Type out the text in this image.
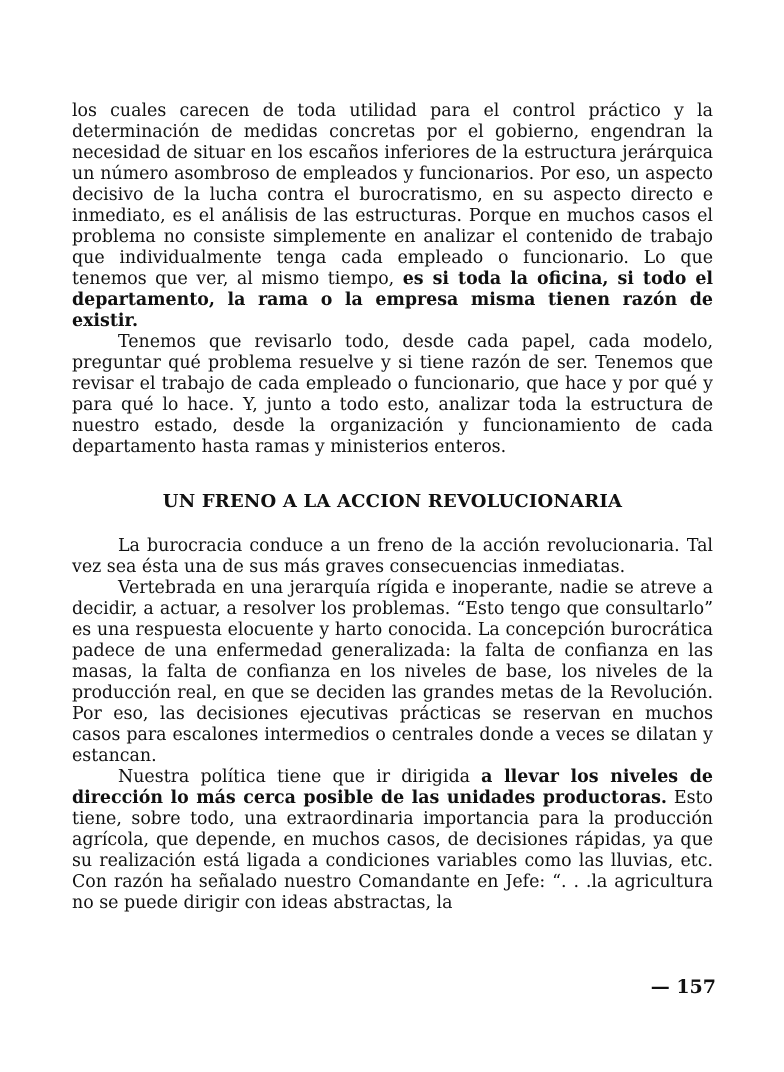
los cuales carecen de toda utilidad para el control práctico y la determinación de medidas concretas por el gobierno, engendran la necesidad de situar en los escaños inferiores de la estructura jerárquica un número asombroso de empleados y funcionarios. Por eso, un aspecto decisivo de la lucha contra el burocratismo, en su aspecto directo e inmediato, es el análisis de las estructuras. Porque en muchos casos el problema no consiste simplemente en analizar el contenido de trabajo que individualmente tenga cada empleado o funcionario. Lo que tenemos que ver, al mismo tiempo, es si toda la oficina, si todo el departamento, la rama o la empresa misma tienen razón de existir.

Tenemos que revisarlo todo, desde cada papel, cada modelo, preguntar qué problema resuelve y si tiene razón de ser. Tenemos que revisar el trabajo de cada empleado o funcionario, que hace y por qué y para qué lo hace. Y, junto a todo esto, analizar toda la estructura de nuestro estado, desde la organización y funcionamiento de cada departamento hasta ramas y ministerios enteros.

UN FRENO A LA ACCION REVOLUCIONARIA

La burocracia conduce a un freno de la acción revolucionaria. Tal vez sea ésta una de sus más graves consecuencias inmediatas.

Vertebrada en una jerarquía rígida e inoperante, nadie se atreve a decidir, a actuar, a resolver los problemas. “Esto tengo que consultarlo” es una respuesta elocuente y harto conocida. La concepción burocrática padece de una enfermedad generalizada: la falta de confianza en las masas, la falta de confianza en los niveles de base, los niveles de la producción real, en que se deciden las grandes metas de la Revolución. Por eso, las decisiones ejecutivas prácticas se reservan en muchos casos para escalones intermedios o centrales donde a veces se dilatan y estancan.

Nuestra política tiene que ir dirigida a llevar los niveles de dirección lo más cerca posible de las unidades productoras. Esto tiene, sobre todo, una extraordinaria importancia para la producción agrícola, que depende, en muchos casos, de decisiones rápidas, ya que su realización está ligada a condiciones variables como las lluvias, etc. Con razón ha señalado nuestro Comandante en Jefe: “. . .la agricultura no se puede dirigir con ideas abstractas, la

— 157
